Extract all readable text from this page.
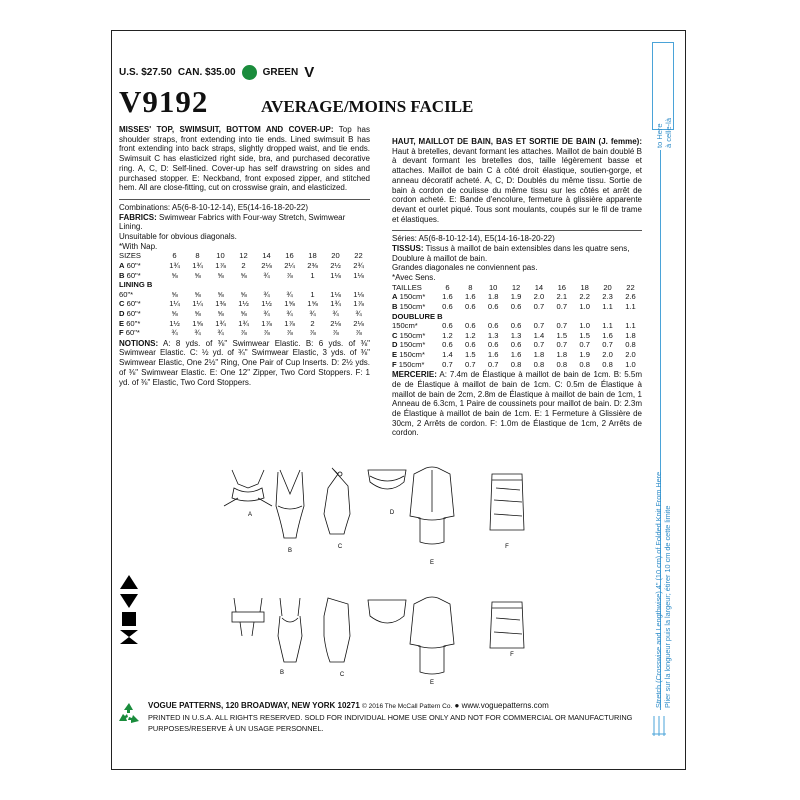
U.S. $27.50 CAN. $35.00	GREEN V
V9192	AVERAGE/MOINS FACILE

MISSES' TOP, SWIMSUIT, BOTTOM AND COVER-UP: Top has shoulder straps, front extending into tie ends. Lined swimsuit B has front extending into back straps, slightly dropped waist, and tie ends. Swimsuit C has elasticized right side, bra, and purchased decorative ring. A, C, D: Self-lined. Cover-up has self drawstring on sides and purchased stopper. E: Neckband, front exposed zipper, and stitched hem. All are close-fitting, cut on crosswise grain, and elasticized.

Combinations: A5(6-8-10-12-14), E5(14-16-18-20-22)

FABRICS: Swimwear Fabrics with Four-way Stretch, Swimwear Lining.

Unsuitable for obvious diagonals.

*With Nap.

SIZES	6	8	10	12	14	16	18	20	22
A 60"*	1¾	1¾	1⅞	2	2⅛	2¼	2⅜	2½	2¾
B 60"*	⅝	⅝	⅝	⅝	¾	⅞	1	1⅛	1⅛
LINING B									
60"*	⅝	⅝	⅝	⅝	¾	¾	1	1⅛	1⅛
C 60"*	1¼	1¼	1⅜	1½	1½	1⅝	1⅝	1¾	1⅞
D 60"*	⅝	⅝	⅝	⅝	¾	¾	¾	¾	¾
E 60"*	1½	1⅝	1¾	1¾	1⅞	1⅞	2	2⅛	2⅛
F 60"*	¾	¾	¾	⅞	⅞	⅞	⅞	⅞	⅞

NOTIONS: A: 8 yds. of ⅜" Swimwear Elastic. B: 6 yds. of ⅜" Swimwear Elastic. C: ½ yd. of ¾" Swimwear Elastic, 3 yds. of ⅜" Swimwear Elastic, One 2½" Ring, One Pair of Cup Inserts. D: 2½ yds. of ⅜" Swimwear Elastic. E: One 12" Zipper, Two Cord Stoppers. F: 1 yd. of ⅜" Elastic, Two Cord Stoppers.

HAUT, MAILLOT DE BAIN, BAS ET SORTIE DE BAIN (J. femme): Haut à bretelles, devant formant les attaches. Maillot de bain doublé B à devant formant les bretelles dos, taille légèrement basse et attaches. Maillot de bain C à côté droit élastique, soutien-gorge, et anneau décoratif acheté. A, C, D: Doublés du même tissu. Sortie de bain à cordon de coulisse du même tissu sur les côtés et arrêt de cordon acheté. E: Bande d'encolure, fermeture à glissière apparente devant et ourlet piqué. Tous sont moulants, coupés sur le fil de trame et élastiques.

Séries: A5(6-8-10-12-14), E5(14-16-18-20-22)

TISSUS: Tissus à maillot de bain extensibles dans les quatre sens, Doublure à maillot de bain.

Grandes diagonales ne conviennent pas.

*Avec Sens.

TAILLES	6	8	10	12	14	16	18	20	22
A 150cm*	1.6	1.6	1.8	1.9	2.0	2.1	2.2	2.3	2.6
B 150cm*	0.6	0.6	0.6	0.6	0.7	0.7	1.0	1.1	1.1
DOUBLURE B									
150cm*	0.6	0.6	0.6	0.6	0.7	0.7	1.0	1.1	1.1
C 150cm*	1.2	1.2	1.3	1.3	1.4	1.5	1.5	1.6	1.8
D 150cm*	0.6	0.6	0.6	0.6	0.7	0.7	0.7	0.7	0.8
E 150cm*	1.4	1.5	1.6	1.6	1.8	1.8	1.9	2.0	2.0
F 150cm*	0.7	0.7	0.7	0.8	0.8	0.8	0.8	0.8	1.0

MERCERIE: A: 7.4m de Élastique à maillot de bain de 1cm. B: 5.5m de de Élastique à maillot de bain de 1cm. C: 0.5m de Élastique à maillot de bain de 2cm, 2.8m de Élastique à maillot de bain de 1cm, 1 Anneau de 6.3cm, 1 Paire de coussinets pour maillot de bain. D: 2.3m de Élastique à maillot de bain de 1cm. E: 1 Fermeture à Glissière de 30cm, 2 Arrêts de cordon. F: 1.0m de Élastique de 1cm, 2 Arrêts de cordon.

A
B
C
D
E
F
B	C
E
F
VOGUE PATTERNS, 120 BROADWAY, NEW YORK 10271 © 2016 The McCall Pattern Co. ● www.voguepatterns.com
PRINTED IN U.S.A. ALL RIGHTS RESERVED. SOLD FOR INDIVIDUAL HOME USE ONLY AND NOT FOR COMMERCIAL OR MANUFACTURING
PURPOSES/RESERVE À UN USAGE PERSONNEL.
to Here à celle-là
Stretch (Crosswise and Lengthwise) 4" (10 cm) of Folded Knit From Here Plier sur la longueur puis la largeur; étirer 10 cm de cette limite
